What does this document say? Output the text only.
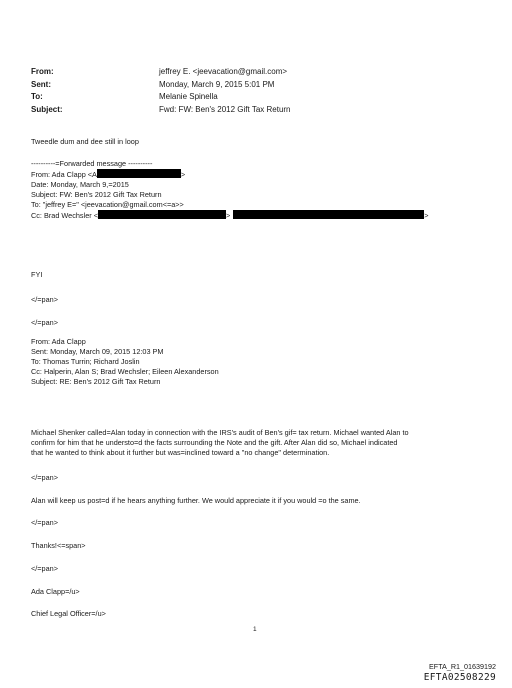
From:	jeffrey E. <jeevacation@gmail.com>
Sent:	Monday, March 9, 2015 5:01 PM
To:	Melanie Spinella
Subject:	Fwd: FW: Ben's 2012 Gift Tax Return
Tweedle dum and dee still in loop
----------=Forwarded message ----------
From: Ada Clapp <A	>
Date: Monday, March 9,=2015
Subject: FW: Ben's 2012 Gift Tax Return
To: "jeffrey E=" <jeevacation@gmail.com<=a>>
Cc: Brad Wechsler <	>	>
FYI
</=pan>
</=pan>
From: Ada Clapp
Sent: Monday, March 09, 2015 12:03 PM
To: Thomas Turrin; Richard Joslin
Cc: Halperin, Alan S; Brad Wechsler; Eileen Alexanderson
Subject: RE: Ben's 2012 Gift Tax Return
Michael Shenker called=Alan today in connection with the IRS's audit of Ben's gif= tax return. Michael wanted Alan to
confirm for him that he understo=d the facts surrounding the Note and the gift. After Alan did so, Michael indicated
that he wanted to think about it further but was=inclined toward a "no change" determination.
</=pan>
Alan will keep us post=d if he hears anything further. We would appreciate it if you would =o the same.
</=pan>
Thanks!<=span>
</=pan>
Ada Clapp=/u>
Chief Legal Officer=/u>
1
EFTA_R1_01639192
EFTA02508229
